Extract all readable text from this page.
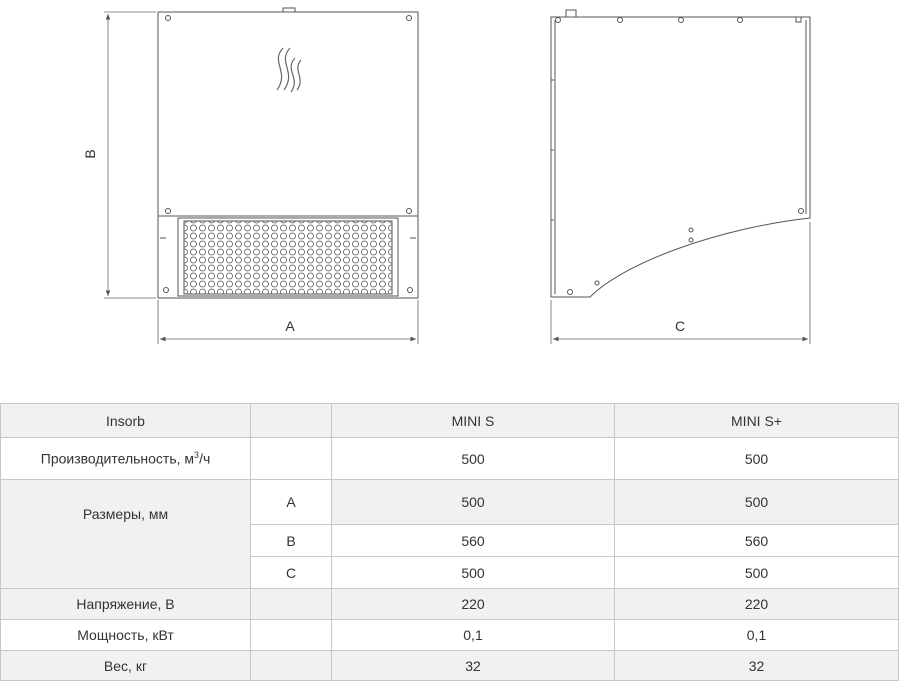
B
A	C
Insorb		MINI S	MINI S+
Производительность, $м^3/ч$		500	500
Размеры, мм	A	500	500
	B	560	560
	C	500	500
Напряжение, В		220	220
Мощность, кВт		0,1	0,1
Вес, кг		32	32
